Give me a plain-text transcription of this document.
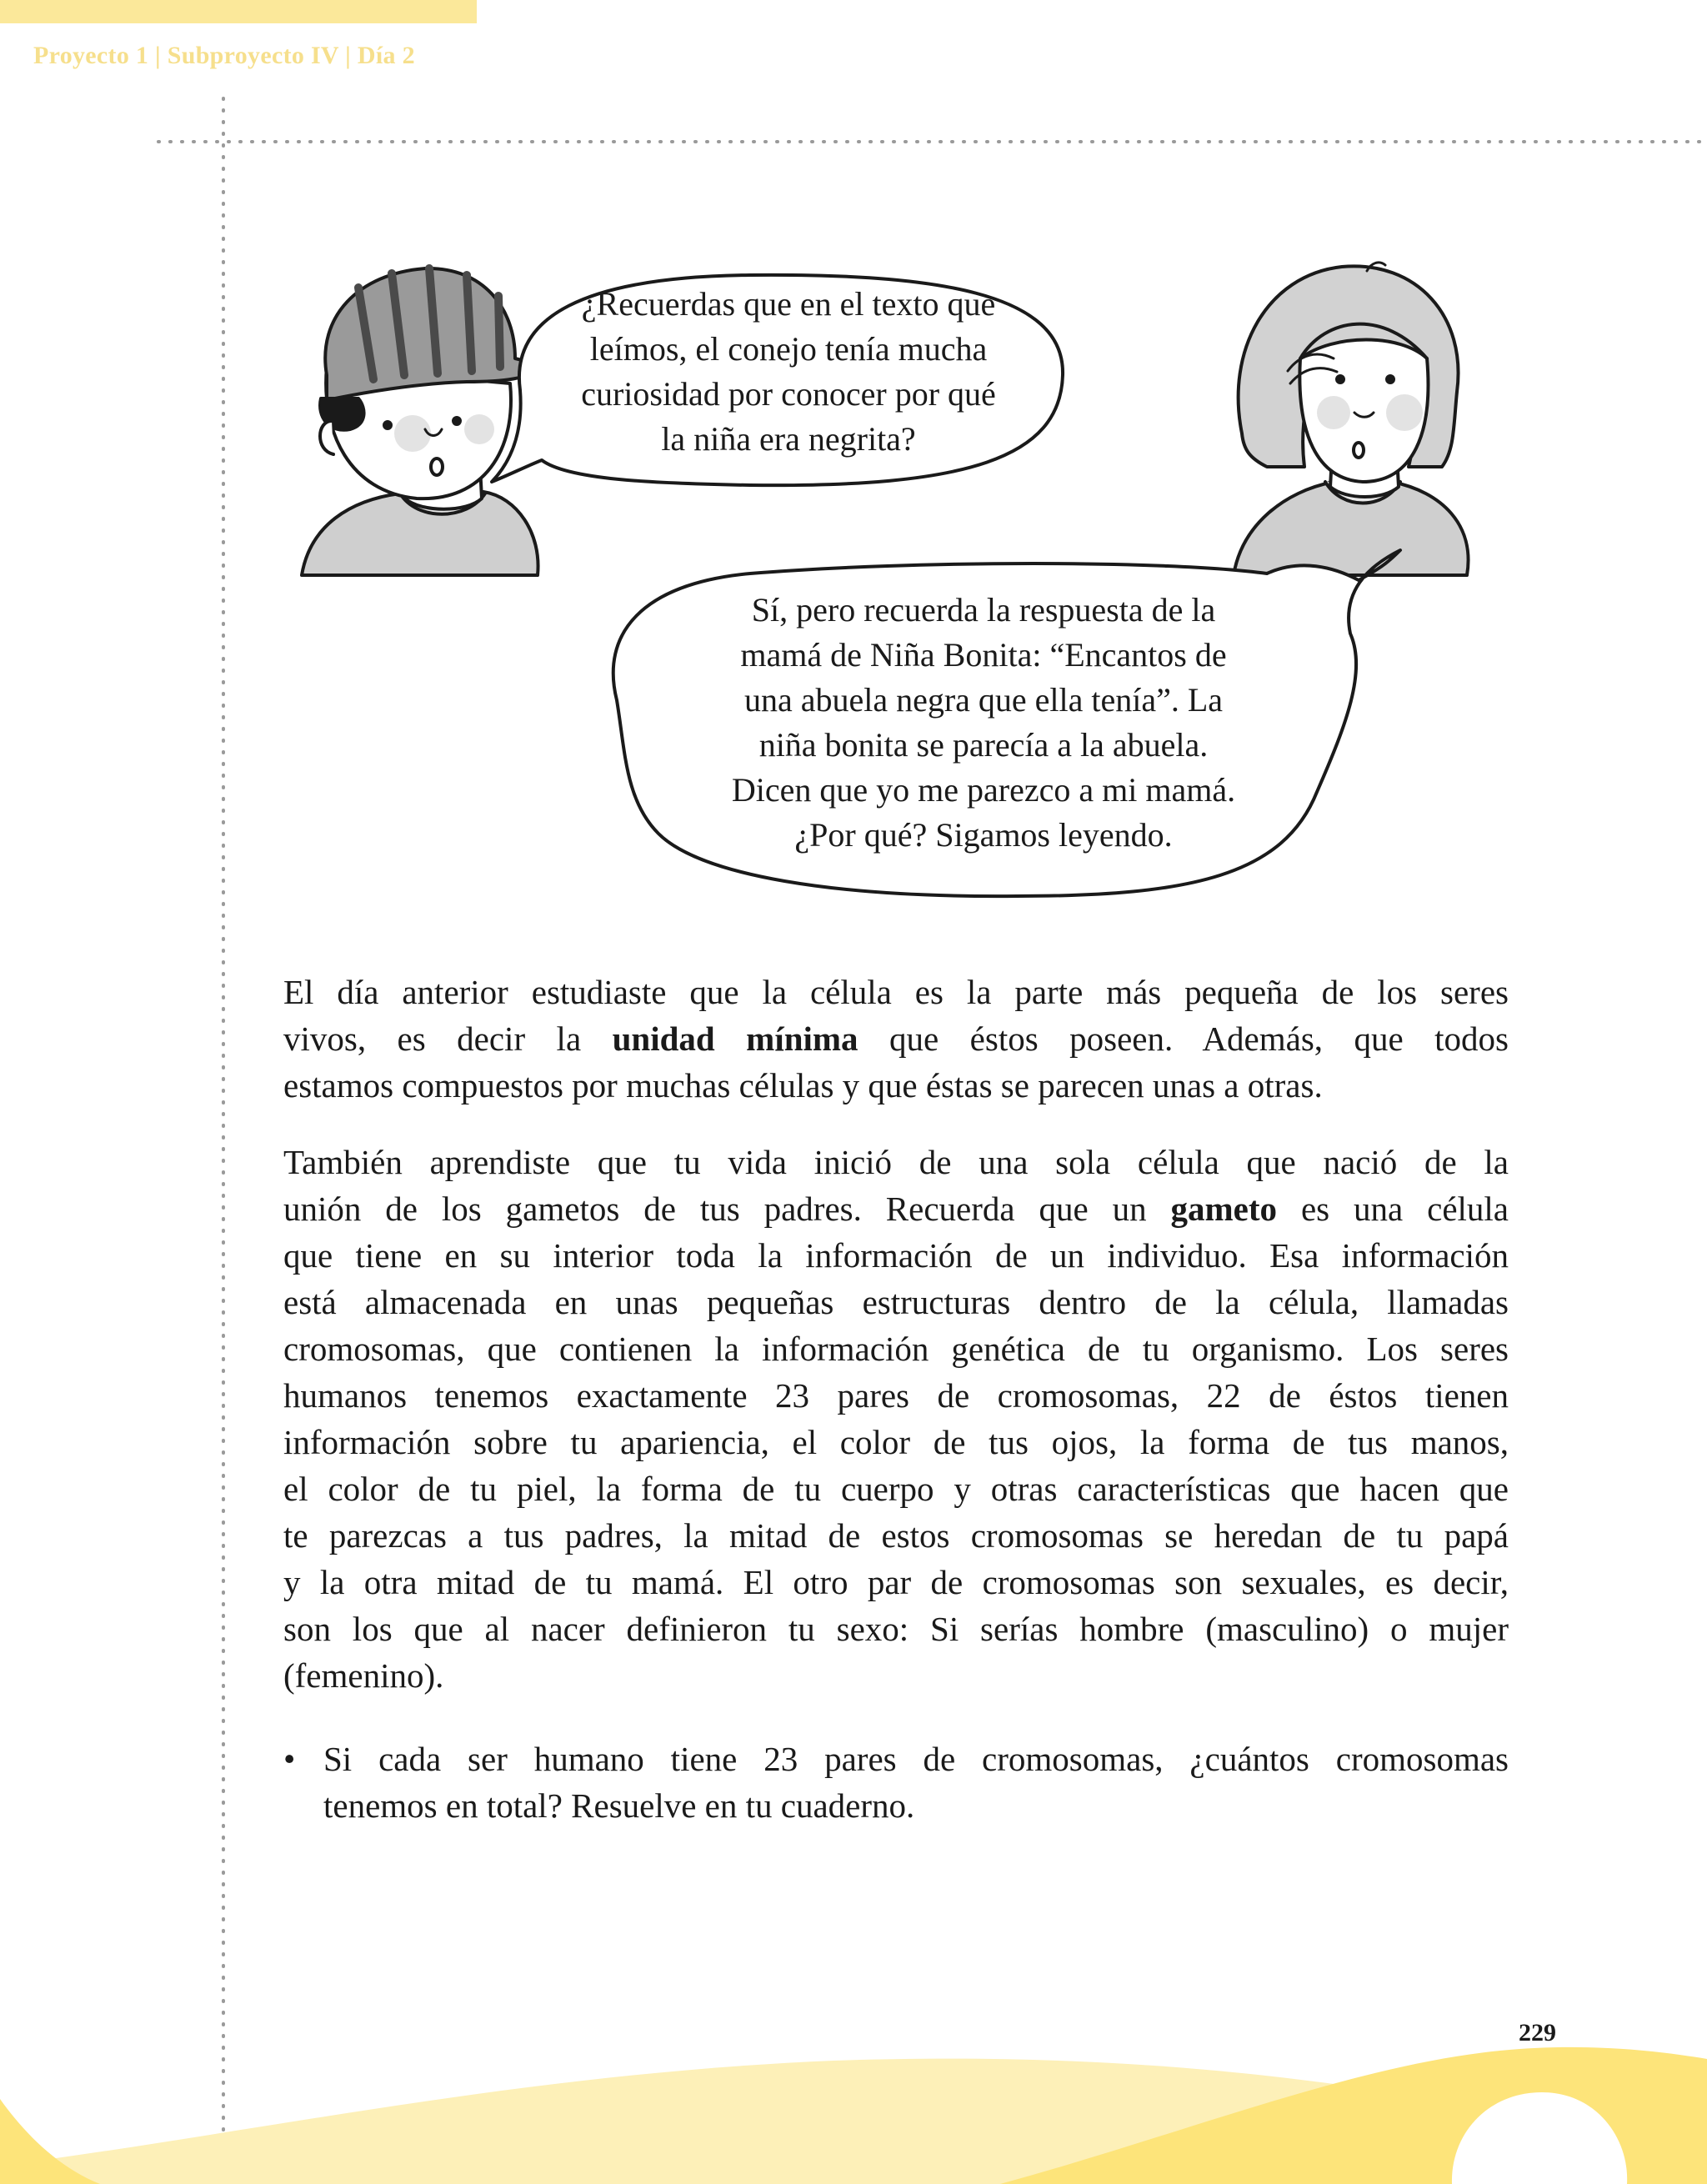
Proyecto 1 | Subproyecto IV | Día 2
¿Recuerdas que en el texto que
leímos, el conejo tenía mucha
curiosidad por conocer por qué
la niña era negrita?
Sí, pero recuerda la respuesta de la
mamá de Niña Bonita: “Encantos de
una abuela negra que ella tenía”. La
niña bonita se parecía a la abuela.
Dicen que yo me parezco a mi mamá.
¿Por qué? Sigamos leyendo.
El día anterior estudiaste que la célula es la parte más pequeña de los seres
vivos, es decir la unidad mínima que éstos poseen. Además, que todos
estamos compuestos por muchas células y que éstas se parecen unas a otras.
También aprendiste que tu vida inició de una sola célula que nació de la
unión de los gametos de tus padres. Recuerda que un gameto es una célula
que tiene en su interior toda la información de un individuo. Esa información
está almacenada en unas pequeñas estructuras dentro de la célula, llamadas
cromosomas, que contienen la información genética de tu organismo. Los seres
humanos tenemos exactamente 23 pares de cromosomas, 22 de éstos tienen
información sobre tu apariencia, el color de tus ojos, la forma de tus manos,
el color de tu piel, la forma de tu cuerpo y otras características que hacen que
te parezcas a tus padres, la mitad de estos cromosomas se heredan de tu papá
y la otra mitad de tu mamá. El otro par de cromosomas son sexuales, es decir,
son los que al nacer definieron tu sexo: Si serías hombre (masculino) o mujer
(femenino).
• Si cada ser humano tiene 23 pares de cromosomas, ¿cuántos cromosomas
tenemos en total? Resuelve en tu cuaderno.
229
